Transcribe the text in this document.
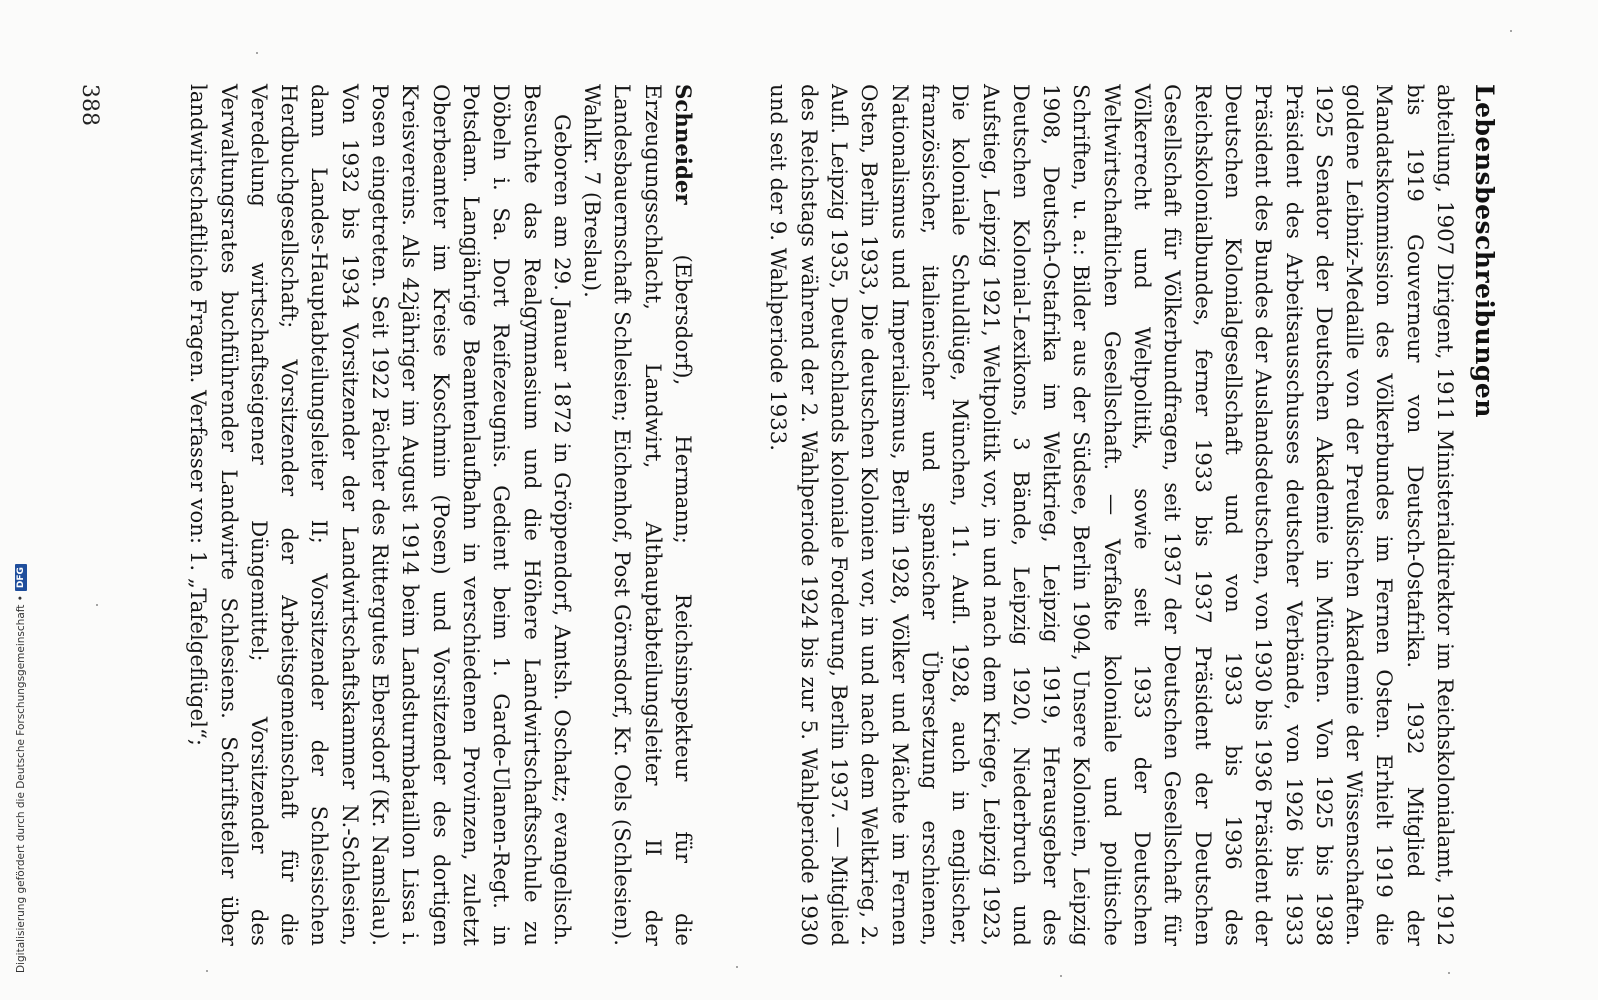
Lebensbeschreibungen
abteilung, 1907 Dirigent, 1911 Ministerialdirektor im Reichskolonialamt, 1912 bis 1919 Gouverneur von Deutsch-Ostafrika. 1932 Mitglied der Mandatskommission des Völkerbundes im Fernen Osten. Erhielt 1919 die goldene Leibniz-Medaille von der Preußischen Akademie der Wissenschaften. 1925 Senator der Deutschen Akademie in München. Von 1925 bis 1938 Präsident des Arbeitsausschusses deutscher Verbände, von 1926 bis 1933 Präsident des Bundes der Auslandsdeutschen, von 1930 bis 1936 Präsident der Deutschen Kolonialgesellschaft und von 1933 bis 1936 des Reichskolonialbundes, ferner 1933 bis 1937 Präsident der Deutschen Gesellschaft für Völkerbundfragen, seit 1937 der Deutschen Gesellschaft für Völkerrecht und Weltpolitik, sowie seit 1933 der Deutschen Weltwirtschaftlichen Gesellschaft. — Verfaßte koloniale und politische Schriften, u. a.: Bilder aus der Südsee, Berlin 1904, Unsere Kolonien, Leipzig 1908, Deutsch-Ostafrika im Weltkrieg, Leipzig 1919, Herausgeber des Deutschen Kolonial-Lexikons, 3 Bände, Leipzig 1920, Niederbruch und Aufstieg, Leipzig 1921, Weltpolitik vor, in und nach dem Kriege, Leipzig 1923, Die koloniale Schuldlüge, München, 11. Aufl. 1928, auch in englischer, französischer, italienischer und spanischer Übersetzung erschienen, Nationalismus und Imperialismus, Berlin 1928, Völker und Mächte im Fernen Osten, Berlin 1933, Die deutschen Kolonien vor, in und nach dem Weltkrieg, 2. Aufl. Leipzig 1935, Deutschlands koloniale Forderung, Berlin 1937. — Mitglied des Reichstags während der 2. Wahlperiode 1924 bis zur 5. Wahlperiode 1930 und seit der 9. Wahlperiode 1933.

Schneider (Ebersdorf), Hermann; Reichsinspekteur für die Erzeugungsschlacht, Landwirt, Althauptabteilungsleiter II der Landesbauernschaft Schlesien; Eichenhof, Post Görnsdorf, Kr. Oels (Schlesien). Wahlkr. 7 (Breslau).

Geboren am 29. Januar 1872 in Gröppendorf, Amtsh. Oschatz; evangelisch. Besuchte das Realgymnasium und die Höhere Landwirtschaftsschule zu Döbeln i. Sa. Dort Reifezeugnis. Gedient beim 1. Garde-Ulanen-Regt. in Potsdam. Langjährige Beamtenlaufbahn in verschiedenen Provinzen, zuletzt Oberbeamter im Kreise Koschmin (Posen) und Vorsitzender des dortigen Kreisvereins. Als 42jähriger im August 1914 beim Landsturmbataillon Lissa i. Posen eingetreten. Seit 1922 Pächter des Rittergutes Ebersdorf (Kr. Namslau). Von 1932 bis 1934 Vorsitzender der Landwirtschaftskammer N.-Schlesien, dann Landes-Hauptabteilungsleiter II; Vorsitzender der Schlesischen Herdbuchgesellschaft; Vorsitzender der Arbeitsgemeinschaft für die Veredelung wirtschaftseigener Düngemittel; Vorsitzender des Verwaltungsrates buchführender Landwirte Schlesiens. Schriftsteller über landwirtschaftliche Fragen. Verfasser von: 1. „Tafelgeflügel“;

388
Digitalisierung gefördert durch die Deutsche Forschungsgemeinschaft •
DFG
